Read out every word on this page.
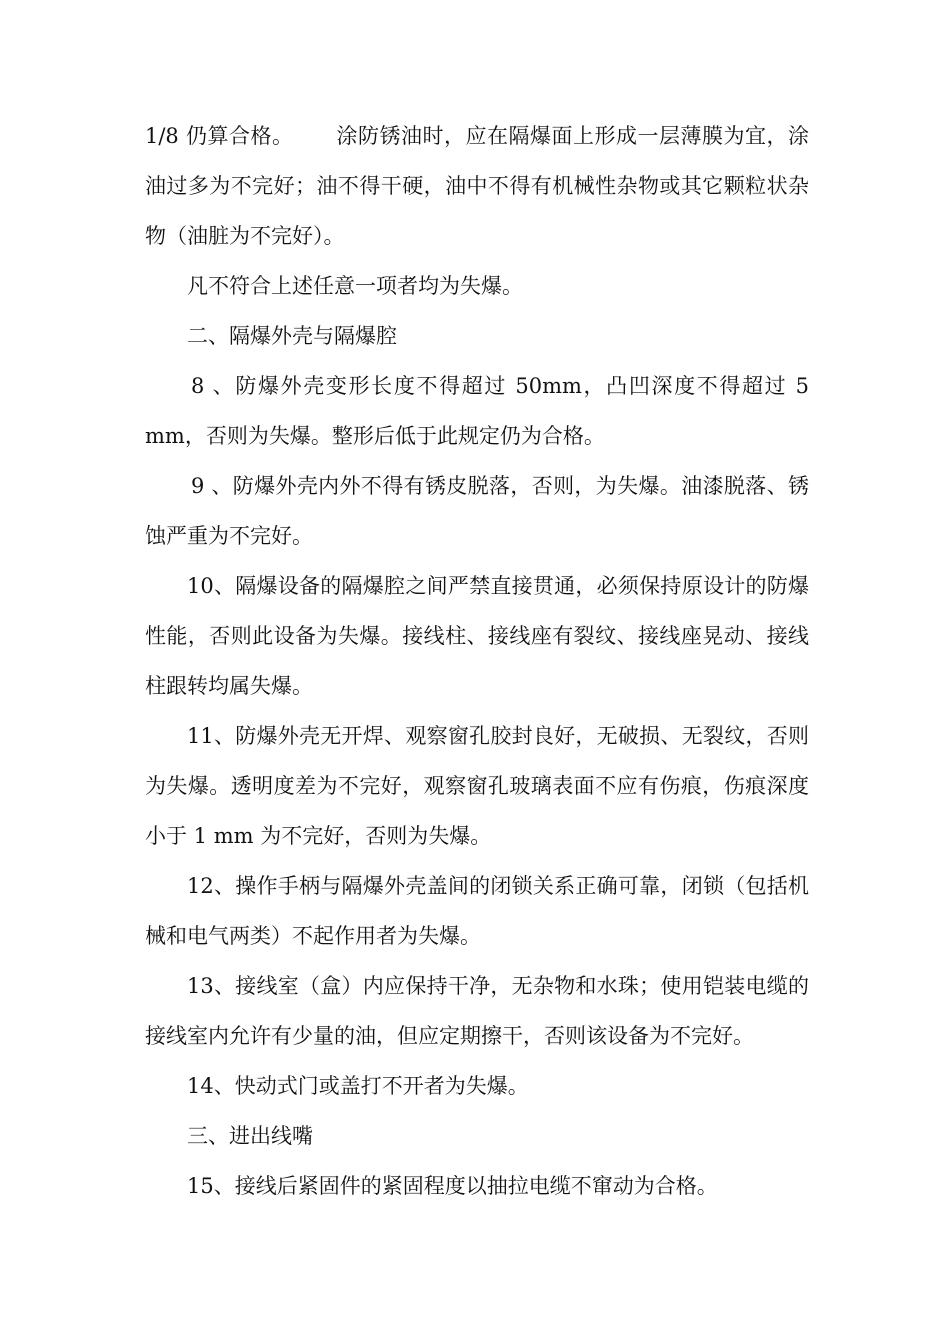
1/8 仍算合格。 涂防锈油时，应在隔爆面上形成一层薄膜为宜，涂油过多为不完好；油不得干硬，油中不得有机械性杂物或其它颗粒状杂物（油脏为不完好）。

凡不符合上述任意一项者均为失爆。

二、隔爆外壳与隔爆腔

8 、防爆外壳变形长度不得超过 50mm，凸凹深度不得超过 5 mm，否则为失爆。整形后低于此规定仍为合格。

9 、防爆外壳内外不得有锈皮脱落，否则，为失爆。油漆脱落、锈蚀严重为不完好。

10、隔爆设备的隔爆腔之间严禁直接贯通，必须保持原设计的防爆性能，否则此设备为失爆。接线柱、接线座有裂纹、接线座晃动、接线柱跟转均属失爆。

11、防爆外壳无开焊、观察窗孔胶封良好，无破损、无裂纹，否则为失爆。透明度差为不完好，观察窗孔玻璃表面不应有伤痕，伤痕深度小于 1 mm 为不完好，否则为失爆。

12、操作手柄与隔爆外壳盖间的闭锁关系正确可靠，闭锁（包括机械和电气两类）不起作用者为失爆。

13、接线室（盒）内应保持干净，无杂物和水珠；使用铠装电缆的接线室内允许有少量的油，但应定期擦干，否则该设备为不完好。

14、快动式门或盖打不开者为失爆。

三、进出线嘴

15、接线后紧固件的紧固程度以抽拉电缆不窜动为合格。
